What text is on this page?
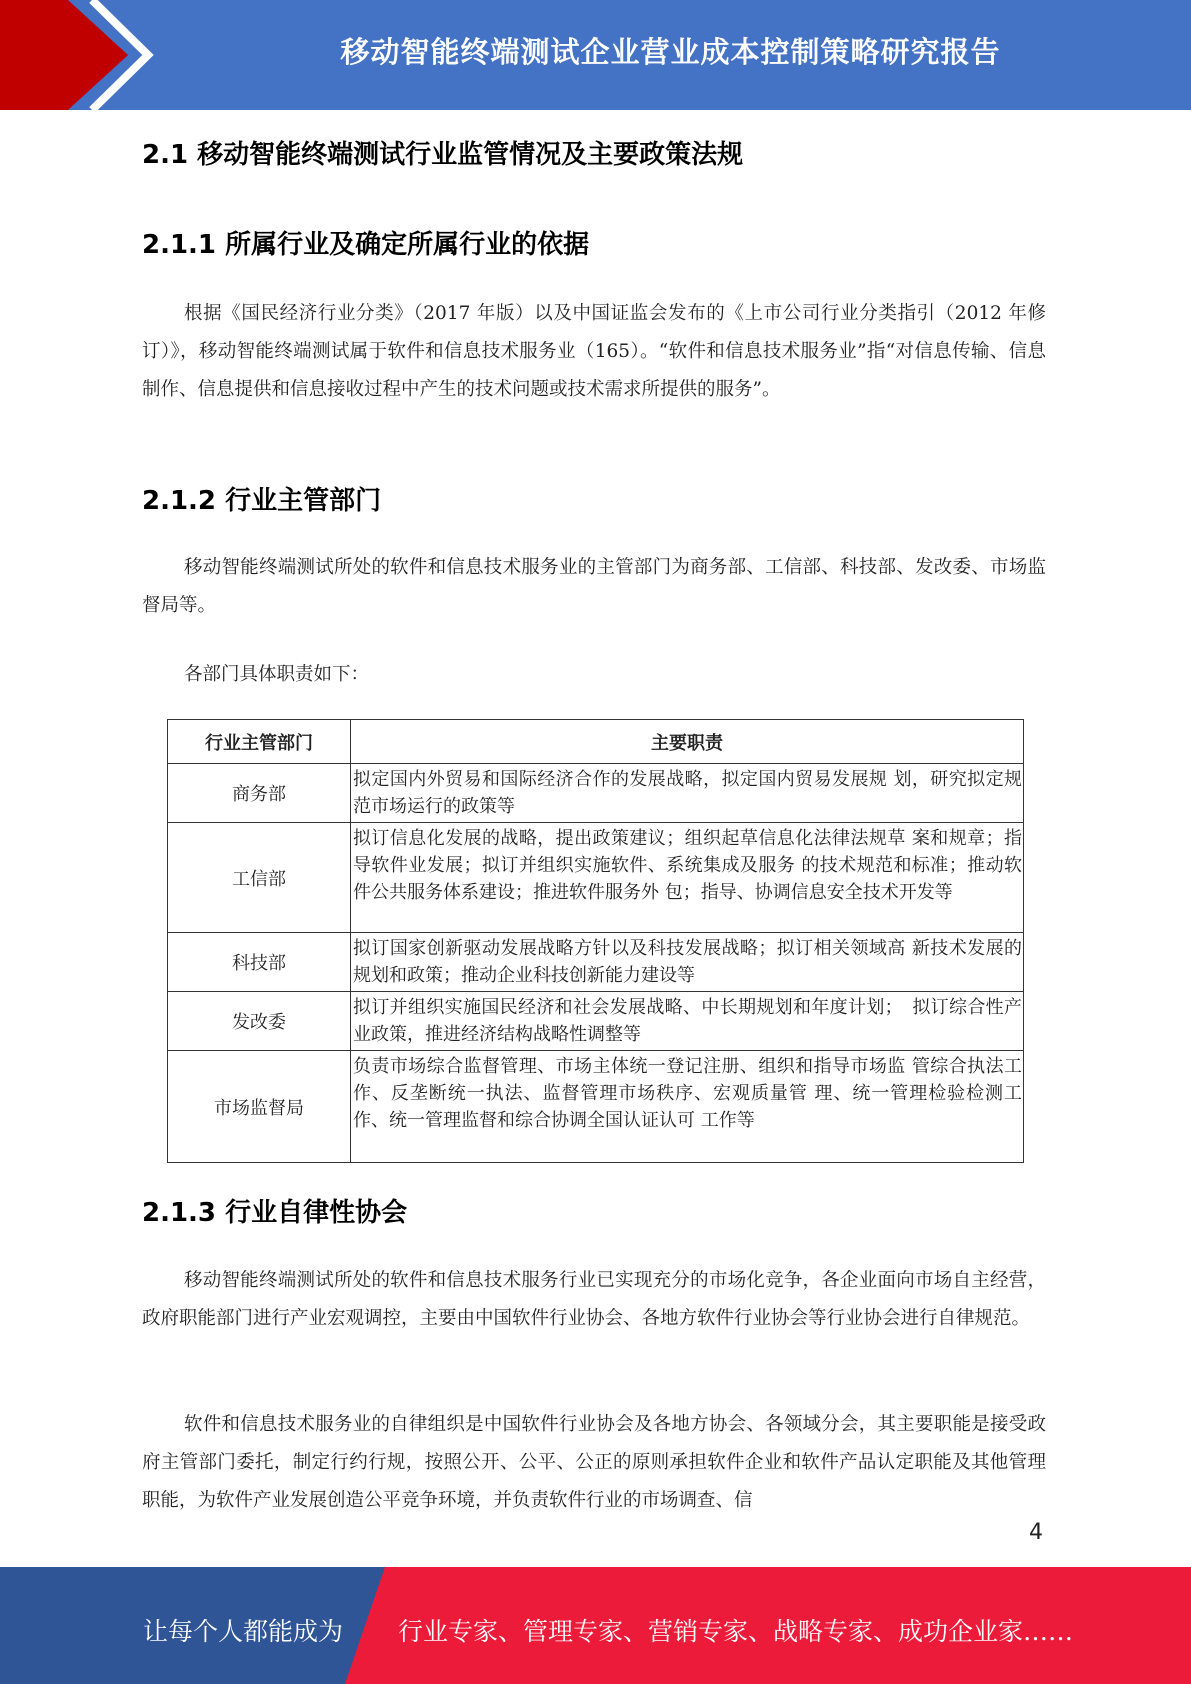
移动智能终端测试企业营业成本控制策略研究报告
2.1 移动智能终端测试行业监管情况及主要政策法规
2.1.1 所属行业及确定所属行业的依据

根据《国民经济行业分类》（2017 年版）以及中国证监会发布的《上市公司行业分类指引（2012 年修订）》，移动智能终端测试属于软件和信息技术服务业（165）。“软件和信息技术服务业”指“对信息传输、信息制作、信息提供和信息接收过程中产生的技术问题或技术需求所提供的服务”。

2.1.2 行业主管部门

移动智能终端测试所处的软件和信息技术服务业的主管部门为商务部、工信部、科技部、发改委、市场监督局等。

各部门具体职责如下：

行业主管部门	主要职责
商务部	拟定国内外贸易和国际经济合作的发展战略，拟定国内贸易发展规 划，研究拟定规范市场运行的政策等
工信部	拟订信息化发展的战略，提出政策建议；组织起草信息化法律法规草 案和规章；指导软件业发展；拟订并组织实施软件、系统集成及服务 的技术规范和标准；推动软件公共服务体系建设；推进软件服务外 包；指导、协调信息安全技术开发等
科技部	拟订国家创新驱动发展战略方针以及科技发展战略；拟订相关领域高 新技术发展的规划和政策；推动企业科技创新能力建设等
发改委	拟订并组织实施国民经济和社会发展战略、中长期规划和年度计划；　拟订综合性产业政策，推进经济结构战略性调整等
市场监督局	负责市场综合监督管理、市场主体统一登记注册、组织和指导市场监 管综合执法工作、反垄断统一执法、监督管理市场秩序、宏观质量管 理、统一管理检验检测工作、统一管理监督和综合协调全国认证认可 工作等
2.1.3 行业自律性协会

移动智能终端测试所处的软件和信息技术服务行业已实现充分的市场化竞争，各企业面向市场自主经营，政府职能部门进行产业宏观调控，主要由中国软件行业协会、各地方软件行业协会等行业协会进行自律规范。

软件和信息技术服务业的自律组织是中国软件行业协会及各地方协会、各领域分会，其主要职能是接受政府主管部门委托，制定行约行规，按照公开、公平、公正的原则承担软件企业和软件产品认定职能及其他管理职能，为软件产业发展创造公平竞争环境，并负责软件行业的市场调查、信

4
让每个人都能成为 行业专家、管理专家、营销专家、战略专家、成功企业家……
